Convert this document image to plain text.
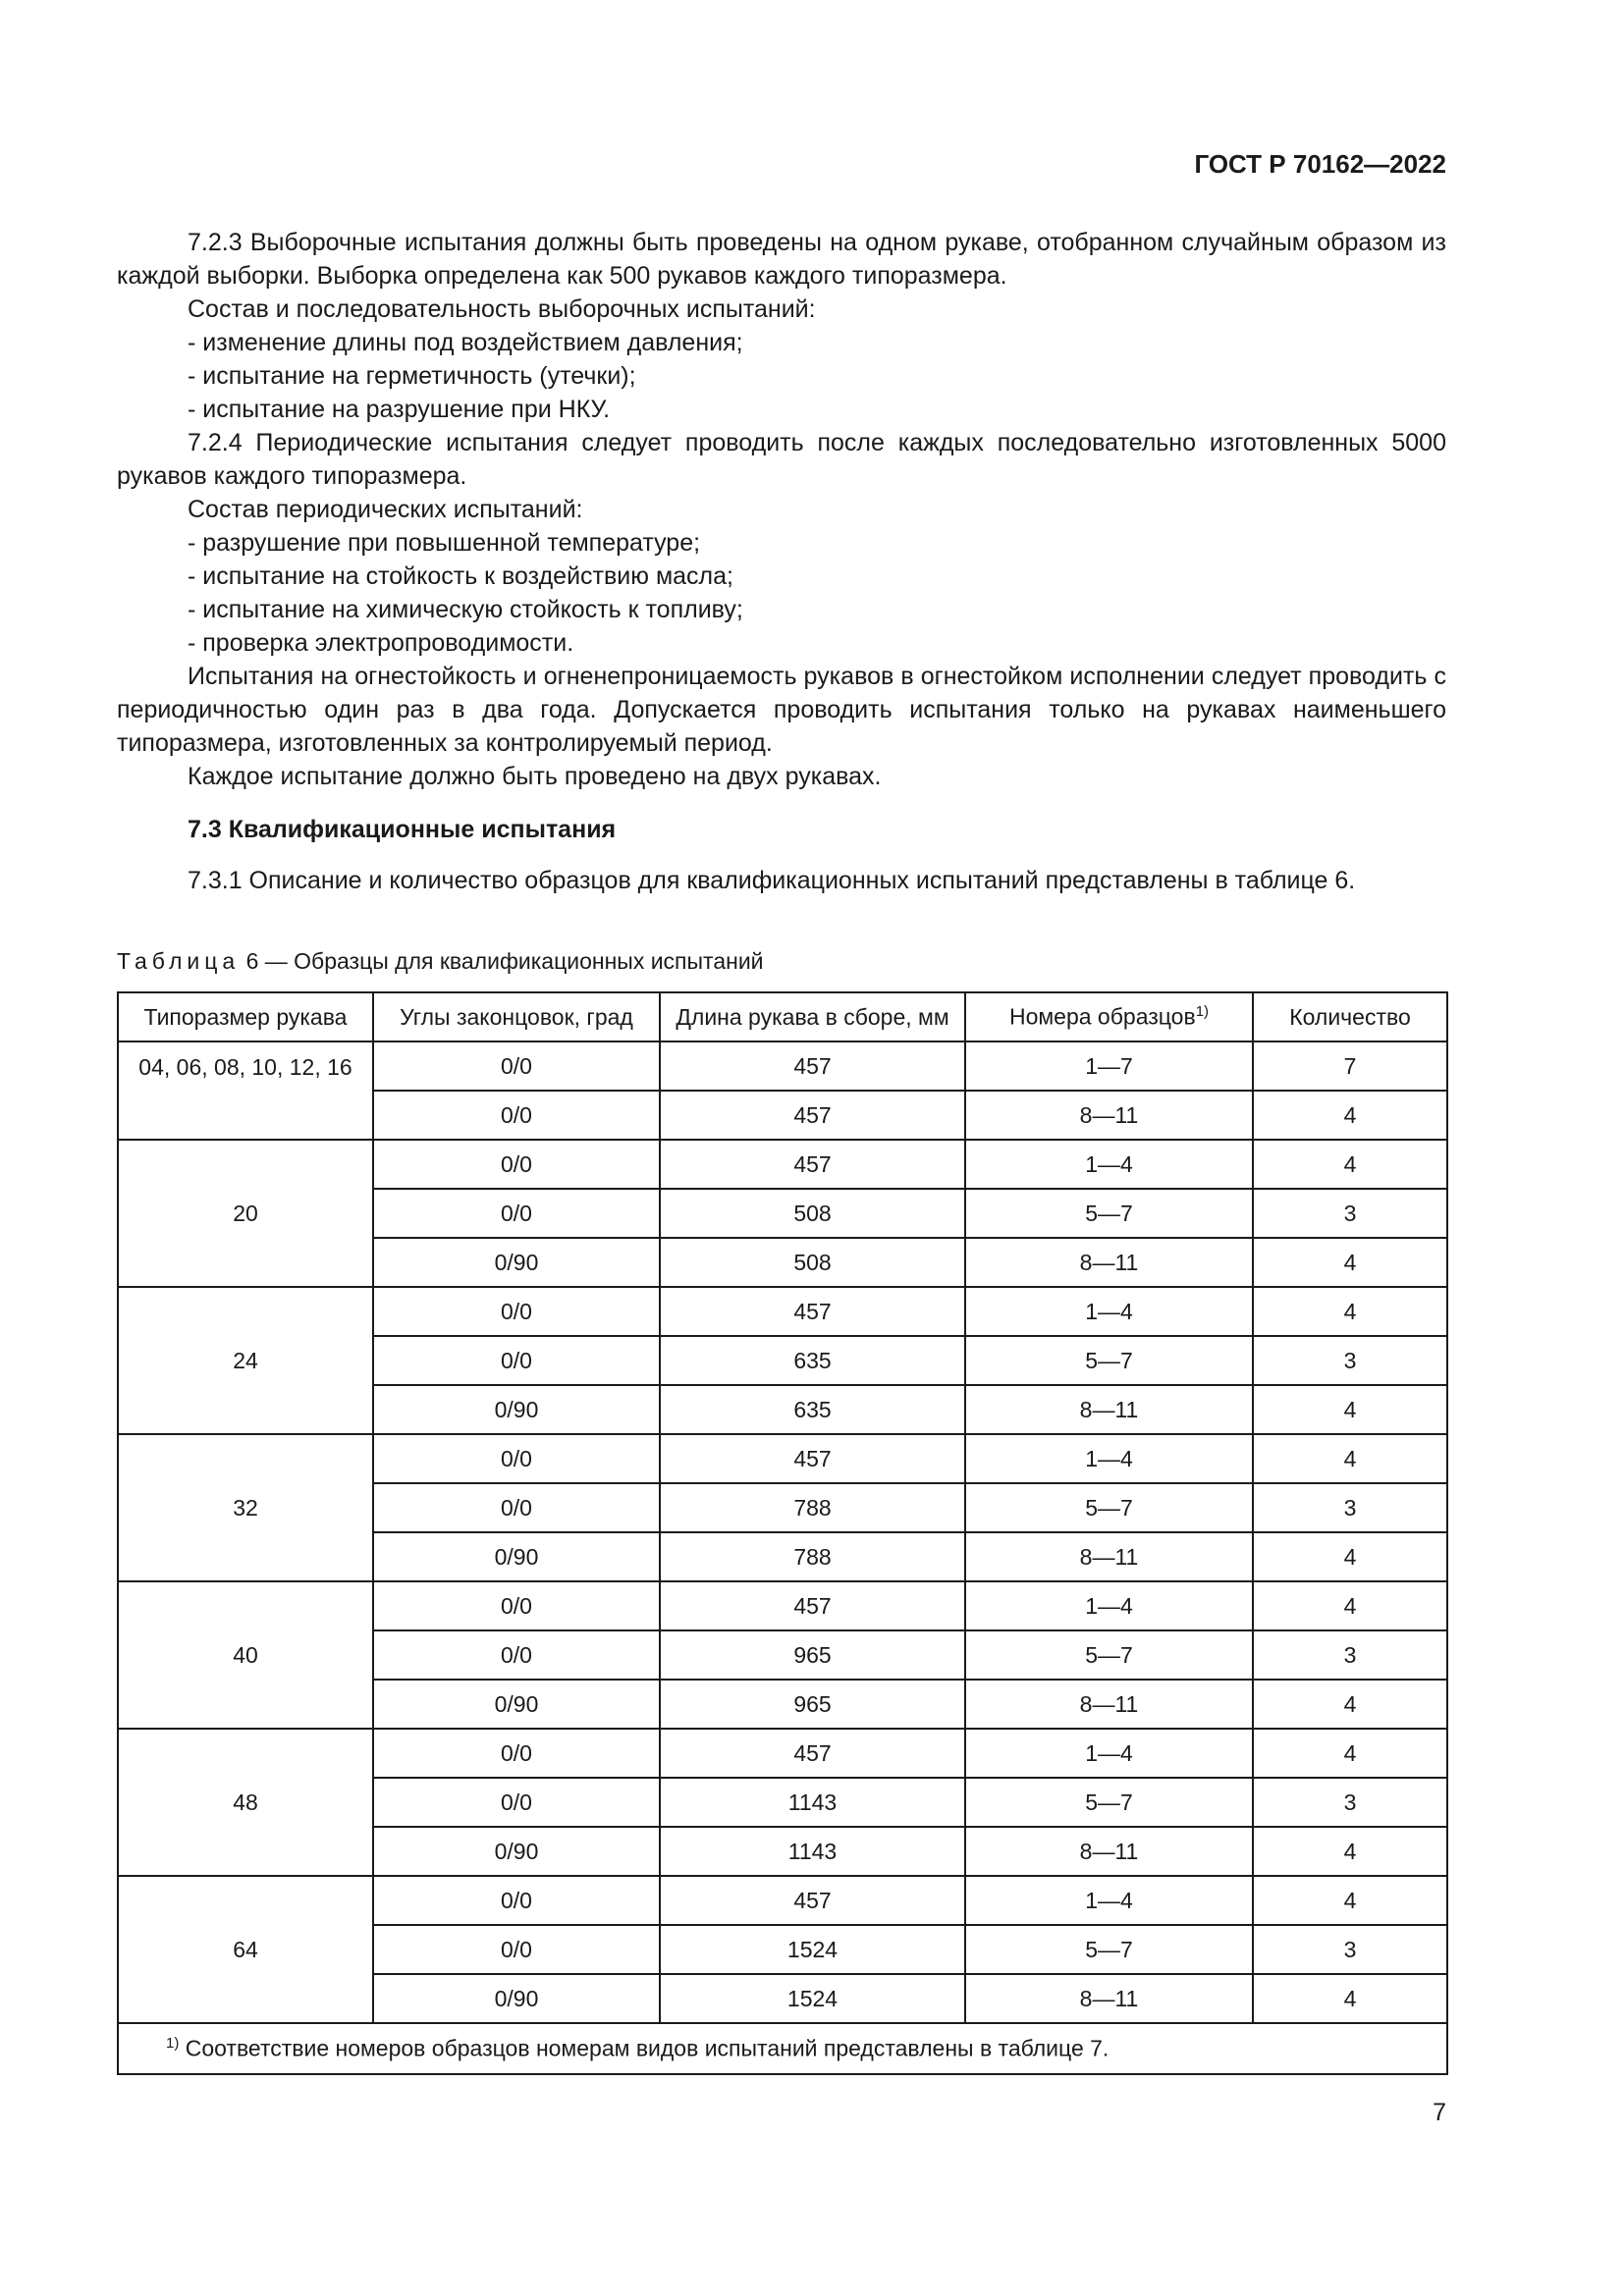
ГОСТ Р 70162—2022

7.2.3 Выборочные испытания должны быть проведены на одном рукаве, отобранном случайным образом из каждой выборки. Выборка определена как 500 рукавов каждого типоразмера.

Состав и последовательность выборочных испытаний:

- изменение длины под воздействием давления;

- испытание на герметичность (утечки);

- испытание на разрушение при НКУ.

7.2.4 Периодические испытания следует проводить после каждых последовательно изготовленных 5000 рукавов каждого типоразмера.

Состав периодических испытаний:

- разрушение при повышенной температуре;

- испытание на стойкость к воздействию масла;

- испытание на химическую стойкость к топливу;

- проверка электропроводимости.

Испытания на огнестойкость и огненепроницаемость рукавов в огнестойком исполнении следует проводить с периодичностью один раз в два года. Допускается проводить испытания только на рукавах наименьшего типоразмера, изготовленных за контролируемый период.

Каждое испытание должно быть проведено на двух рукавах.

7.3 Квалификационные испытания

7.3.1 Описание и количество образцов для квалификационных испытаний представлены в таблице 6.

Таблица 6 — Образцы для квалификационных испытаний
Типоразмер рукава	Углы законцовок, град	Длина рукава в сборе, мм	Номера образцов$^{1)}$	Количество
04, 06, 08, 10, 12, 16	0/0	457	1—7	7
	0/0	457	8—11	4
20	0/0	457	1—4	4
	0/0	508	5—7	3
	0/90	508	8—11	4
24	0/0	457	1—4	4
	0/0	635	5—7	3
	0/90	635	8—11	4
32	0/0	457	1—4	4
	0/0	788	5—7	3
	0/90	788	8—11	4
40	0/0	457	1—4	4
	0/0	965	5—7	3
	0/90	965	8—11	4
48	0/0	457	1—4	4
	0/0	1143	5—7	3
	0/90	1143	8—11	4
64	0/0	457	1—4	4
	0/0	1524	5—7	3
	0/90	1524	8—11	4
$^{1)}$ Соответствие номеров образцов номерам видов испытаний представлены в таблице 7.				
7
